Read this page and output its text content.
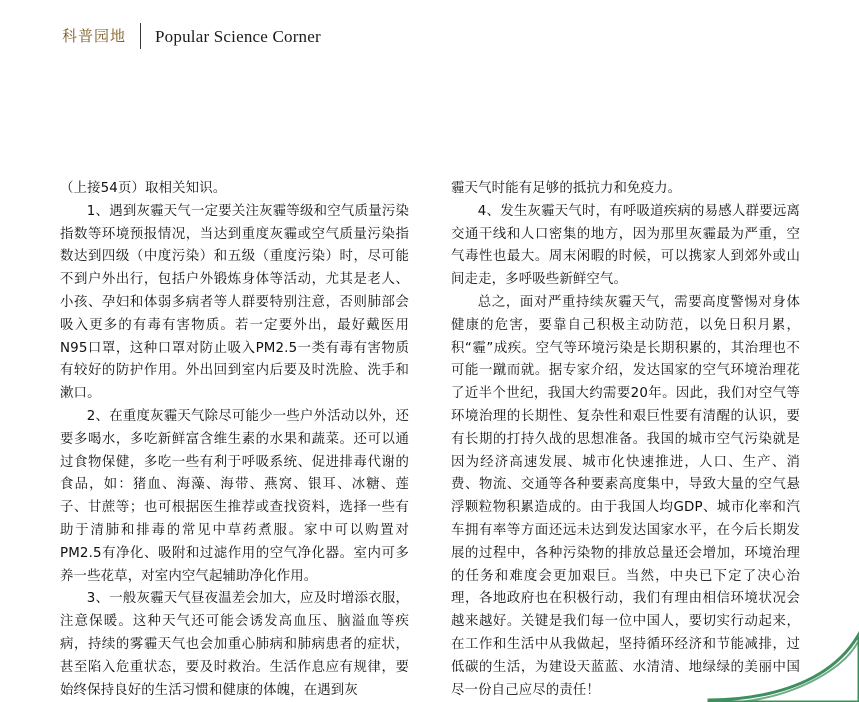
科普园地	Popular Science Corner

（上接54页）取相关知识。

1、遇到灰霾天气一定要关注灰霾等级和空气质量污染指数等环境预报情况，当达到重度灰霾或空气质量污染指数达到四级（中度污染）和五级（重度污染）时，尽可能不到户外出行，包括户外锻炼身体等活动，尤其是老人、小孩、孕妇和体弱多病者等人群要特别注意，否则肺部会吸入更多的有毒有害物质。若一定要外出，最好戴医用N95口罩，这种口罩对防止吸入PM2.5一类有毒有害物质有较好的防护作用。外出回到室内后要及时洗脸、洗手和漱口。

2、在重度灰霾天气除尽可能少一些户外活动以外，还要多喝水，多吃新鲜富含维生素的水果和蔬菜。还可以通过食物保健，多吃一些有利于呼吸系统、促进排毒代谢的食品，如：猪血、海藻、海带、燕窝、银耳、冰糖、莲子、甘蔗等；也可根据医生推荐或查找资料，选择一些有助于清肺和排毒的常见中草药煮服。家中可以购置对PM2.5有净化、吸附和过滤作用的空气净化器。室内可多养一些花草，对室内空气起辅助净化作用。

3、一般灰霾天气昼夜温差会加大，应及时增添衣服，注意保暖。这种天气还可能会诱发高血压、脑溢血等疾病，持续的雾霾天气也会加重心肺病和肺病患者的症状，甚至陷入危重状态，要及时救治。生活作息应有规律，要始终保持良好的生活习惯和健康的体魄，在遇到灰

霾天气时能有足够的抵抗力和免疫力。

4、发生灰霾天气时，有呼吸道疾病的易感人群要远离交通干线和人口密集的地方，因为那里灰霾最为严重，空气毒性也最大。周末闲暇的时候，可以携家人到郊外或山间走走，多呼吸些新鲜空气。

总之，面对严重持续灰霾天气，需要高度警惕对身体健康的危害，要靠自己积极主动防范，以免日积月累，积“霾”成疾。空气等环境污染是长期积累的，其治理也不可能一蹴而就。据专家介绍，发达国家的空气环境治理花了近半个世纪，我国大约需要20年。因此，我们对空气等环境治理的长期性、复杂性和艰巨性要有清醒的认识，要有长期的打持久战的思想准备。我国的城市空气污染就是因为经济高速发展、城市化快速推进，人口、生产、消费、物流、交通等各种要素高度集中，导致大量的空气悬浮颗粒物积累造成的。由于我国人均GDP、城市化率和汽车拥有率等方面还远未达到发达国家水平，在今后长期发展的过程中，各种污染物的排放总量还会增加，环境治理的任务和难度会更加艰巨。当然，中央已下定了决心治理，各地政府也在积极行动，我们有理由相信环境状况会越来越好。关键是我们每一位中国人，要切实行动起来，在工作和生活中从我做起，坚持循环经济和节能减排，过低碳的生活，为建设天蓝蓝、水清清、地绿绿的美丽中国尽一份自己应尽的责任！
